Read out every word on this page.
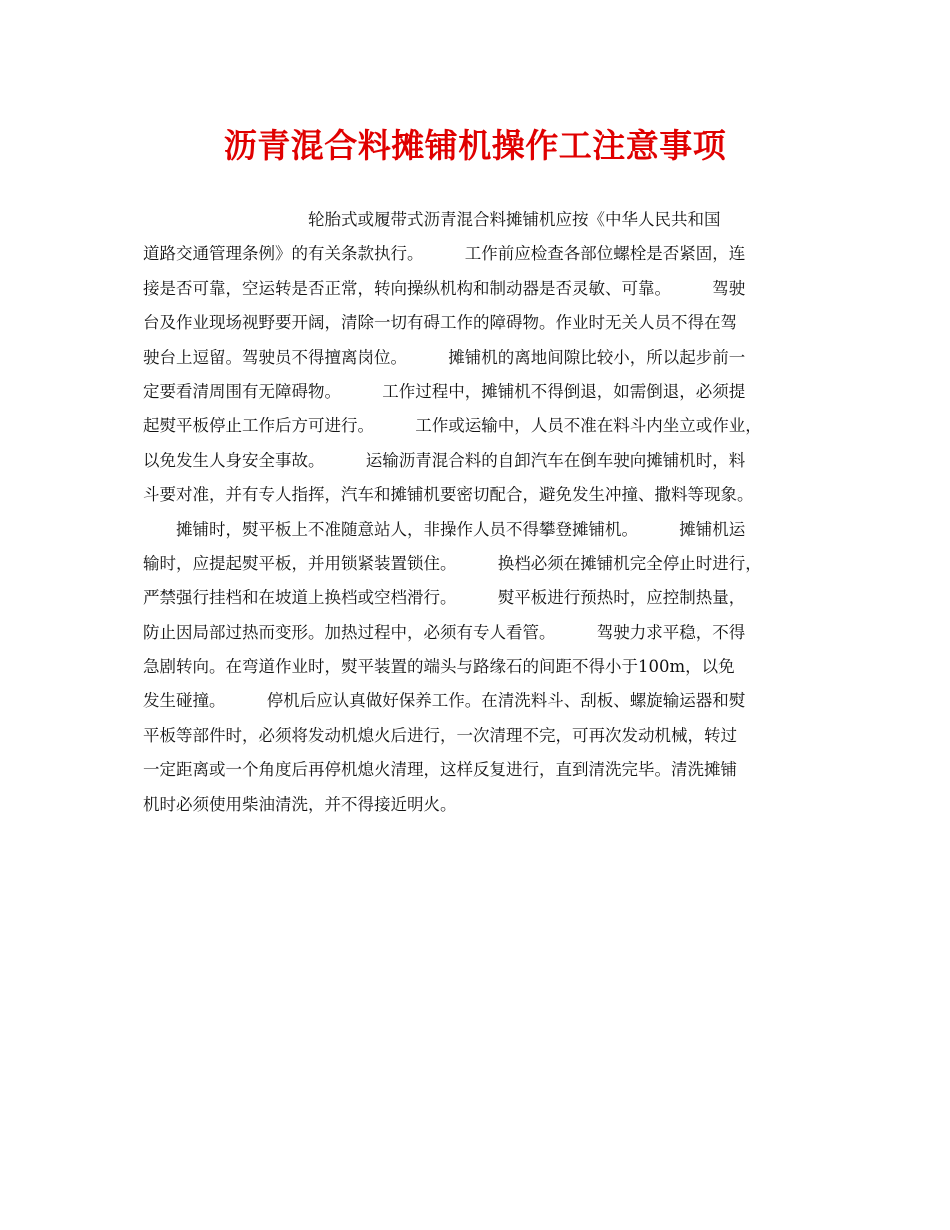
沥青混合料摊铺机操作工注意事项
　　　　　　　　　　轮胎式或履带式沥青混合料摊铺机应按《中华人民共和国
道路交通管理条例》的有关条款执行。　　　工作前应检查各部位螺栓是否紧固，连
接是否可靠，空运转是否正常，转向操纵机构和制动器是否灵敏、可靠。　　　驾驶
台及作业现场视野要开阔，清除一切有碍工作的障碍物。作业时无关人员不得在驾
驶台上逗留。驾驶员不得擅离岗位。　　　摊铺机的离地间隙比较小，所以起步前一
定要看清周围有无障碍物。　　　工作过程中，摊铺机不得倒退，如需倒退，必须提
起熨平板停止工作后方可进行。　　　工作或运输中，人员不准在料斗内坐立或作业，
以免发生人身安全事故。　　　运输沥青混合料的自卸汽车在倒车驶向摊铺机时，料
斗要对准，并有专人指挥，汽车和摊铺机要密切配合，避免发生冲撞、撒料等现象。
　　摊铺时，熨平板上不准随意站人，非操作人员不得攀登摊铺机。　　　摊铺机运
输时，应提起熨平板，并用锁紧装置锁住。　　　换档必须在摊铺机完全停止时进行，
严禁强行挂档和在坡道上换档或空档滑行。　　　熨平板进行预热时，应控制热量，
防止因局部过热而变形。加热过程中，必须有专人看管。　　　驾驶力求平稳，不得
急剧转向。在弯道作业时，熨平装置的端头与路缘石的间距不得小于100m，以免
发生碰撞。　　　停机后应认真做好保养工作。在清洗料斗、刮板、螺旋输运器和熨
平板等部件时，必须将发动机熄火后进行，一次清理不完，可再次发动机械，转过
一定距离或一个角度后再停机熄火清理，这样反复进行，直到清洗完毕。清洗摊铺
机时必须使用柴油清洗，并不得接近明火。
